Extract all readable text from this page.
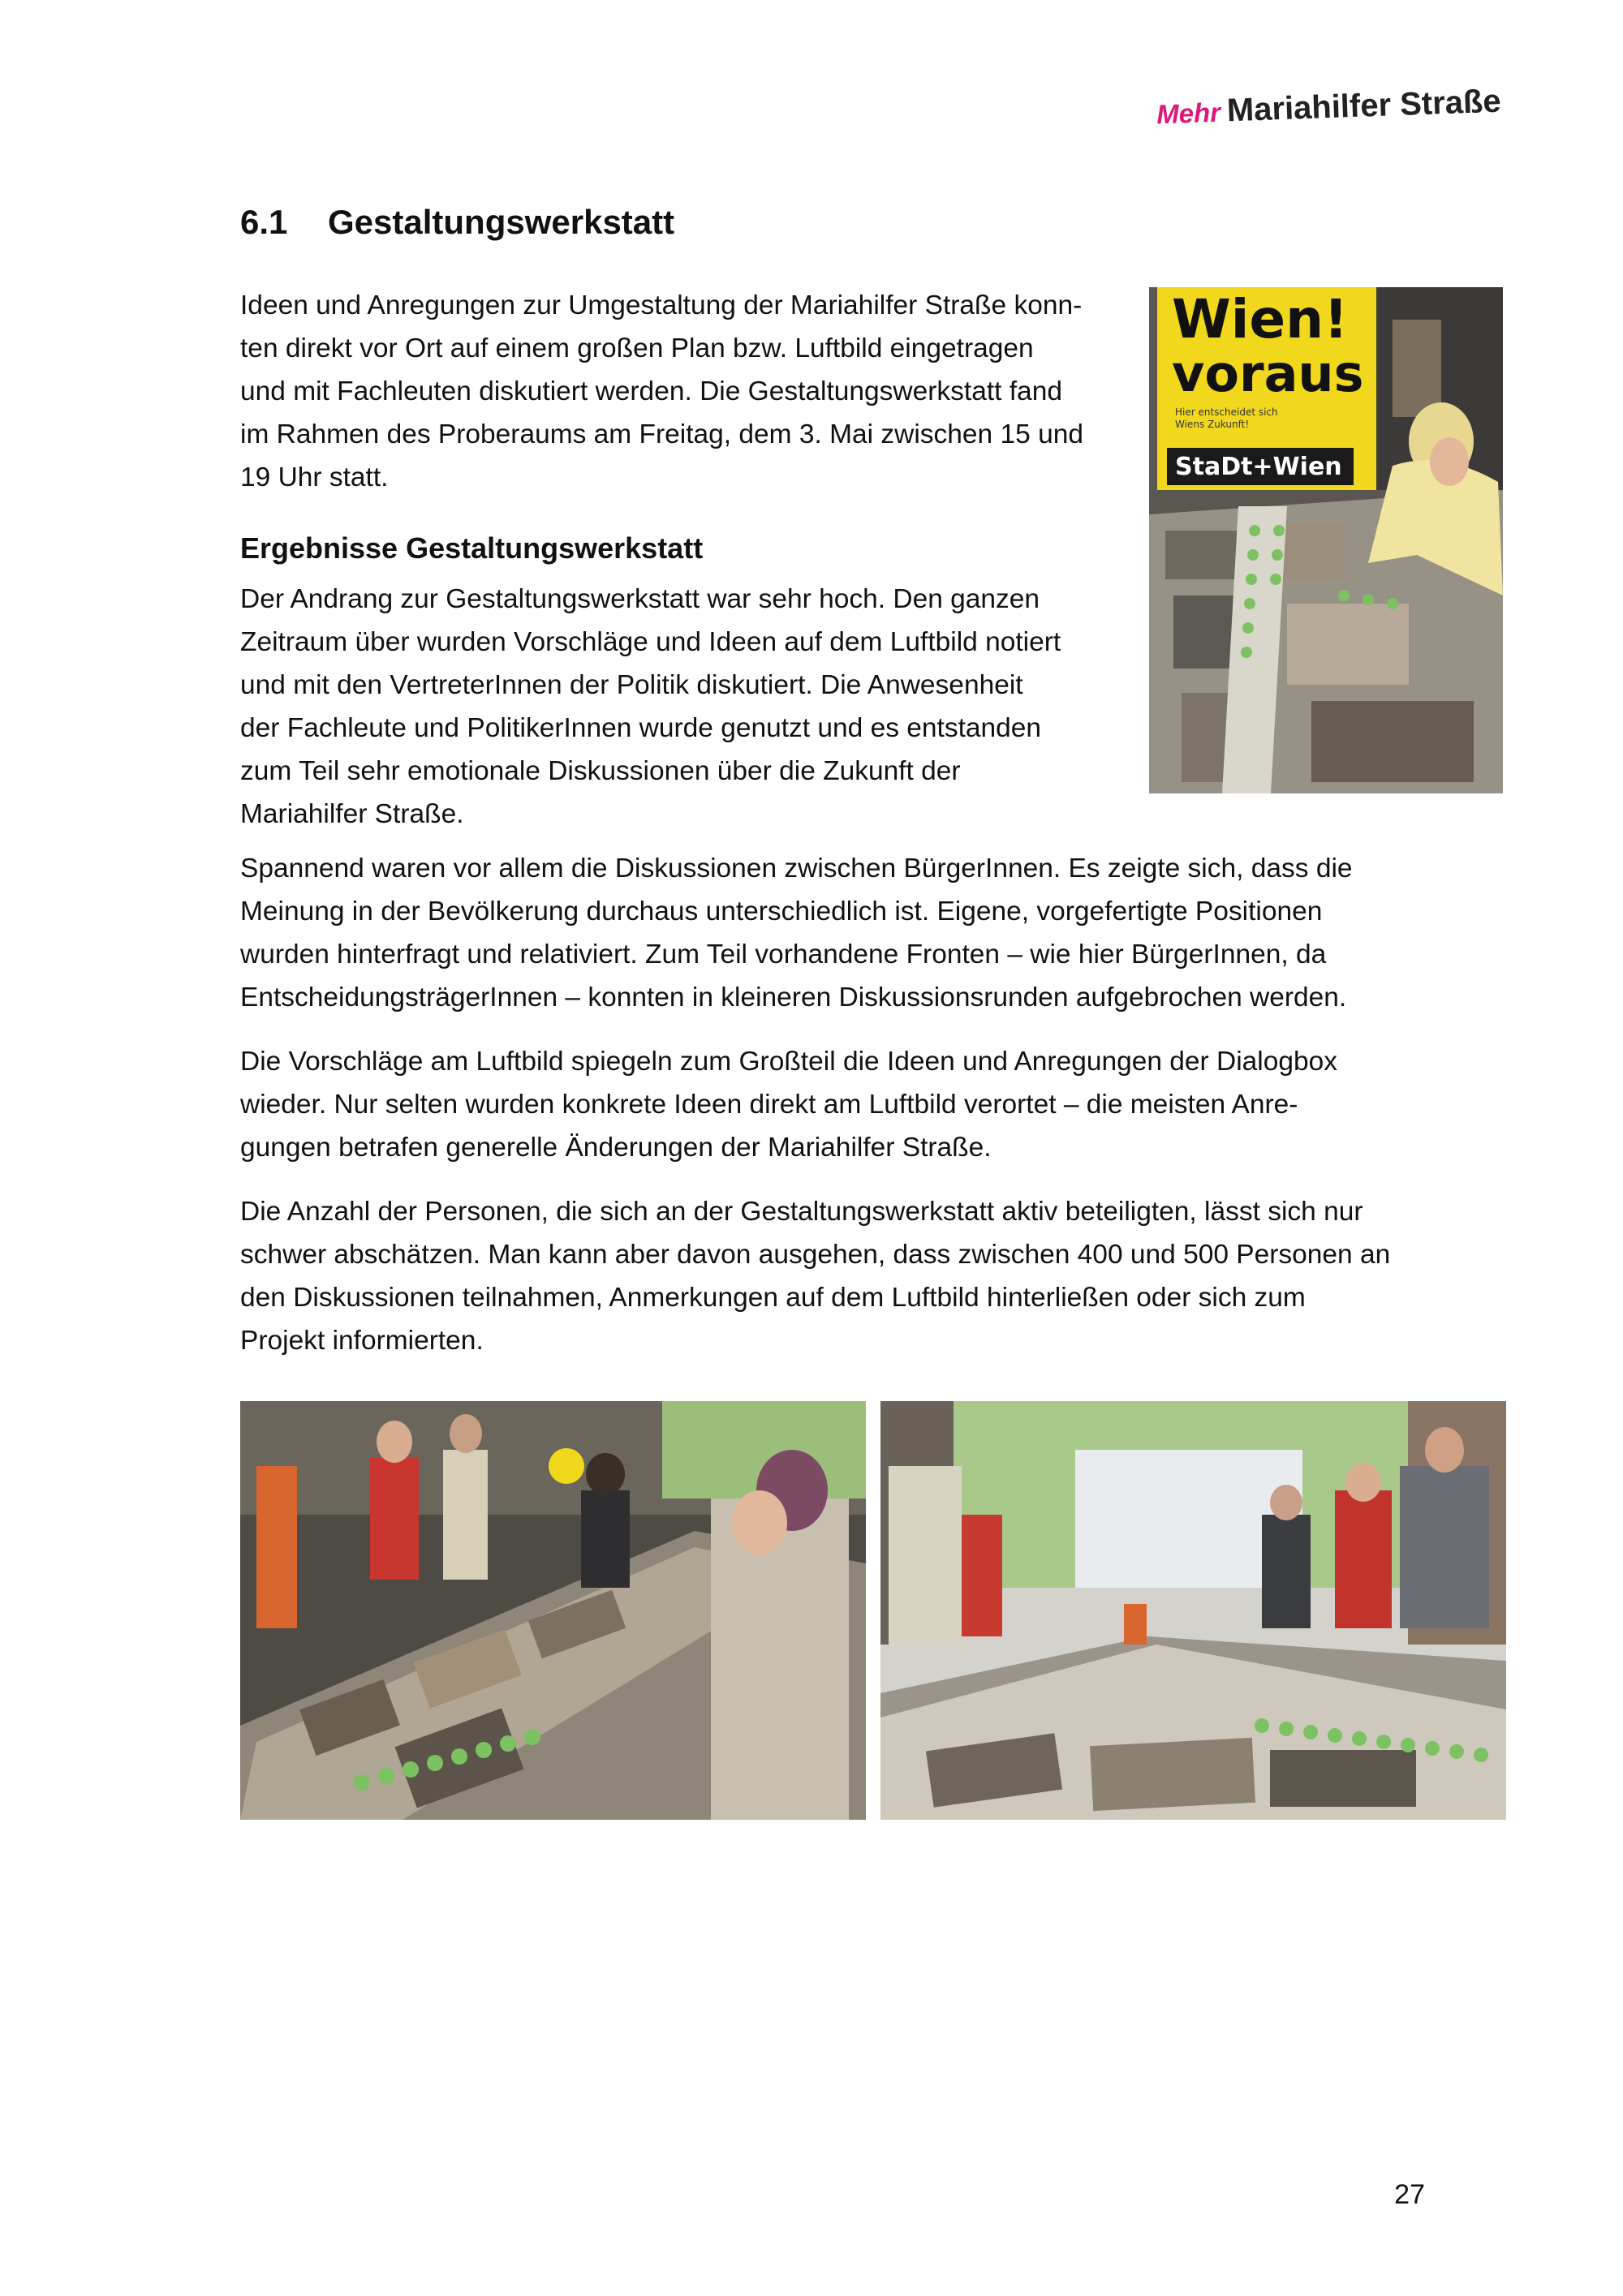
Mehr Mariahilfer Straße
6.1 Gestaltungswerkstatt
Ideen und Anregungen zur Umgestaltung der Mariahilfer Straße konn-
ten direkt vor Ort auf einem großen Plan bzw. Luftbild eingetragen
und mit Fachleuten diskutiert werden. Die Gestaltungswerkstatt fand
im Rahmen des Proberaums am Freitag, dem 3. Mai zwischen 15 und
19 Uhr statt.
Ergebnisse Gestaltungswerkstatt
Der Andrang zur Gestaltungswerkstatt war sehr hoch. Den ganzen
Zeitraum über wurden Vorschläge und Ideen auf dem Luftbild notiert
und mit den VertreterInnen der Politik diskutiert. Die Anwesenheit
der Fachleute und PolitikerInnen wurde genutzt und es entstanden
zum Teil sehr emotionale Diskussionen über die Zukunft der
Mariahilfer Straße.
Spannend waren vor allem die Diskussionen zwischen BürgerInnen. Es zeigte sich, dass die
Meinung in der Bevölkerung durchaus unterschiedlich ist. Eigene, vorgefertigte Positionen
wurden hinterfragt und relativiert. Zum Teil vorhandene Fronten – wie hier BürgerInnen, da
EntscheidungsträgerInnen – konnten in kleineren Diskussionsrunden aufgebrochen werden.
Die Vorschläge am Luftbild spiegeln zum Großteil die Ideen und Anregungen der Dialogbox
wieder. Nur selten wurden konkrete Ideen direkt am Luftbild verortet – die meisten Anre-
gungen betrafen generelle Änderungen der Mariahilfer Straße.
Die Anzahl der Personen, die sich an der Gestaltungswerkstatt aktiv beteiligten, lässt sich nur
schwer abschätzen. Man kann aber davon ausgehen, dass zwischen 400 und 500 Personen an
den Diskussionen teilnahmen, Anmerkungen auf dem Luftbild hinterließen oder sich zum
Projekt informierten.
Wien!
voraus
Hier entscheidet sich
Wiens Zukunft!
StaDt+Wien
27
